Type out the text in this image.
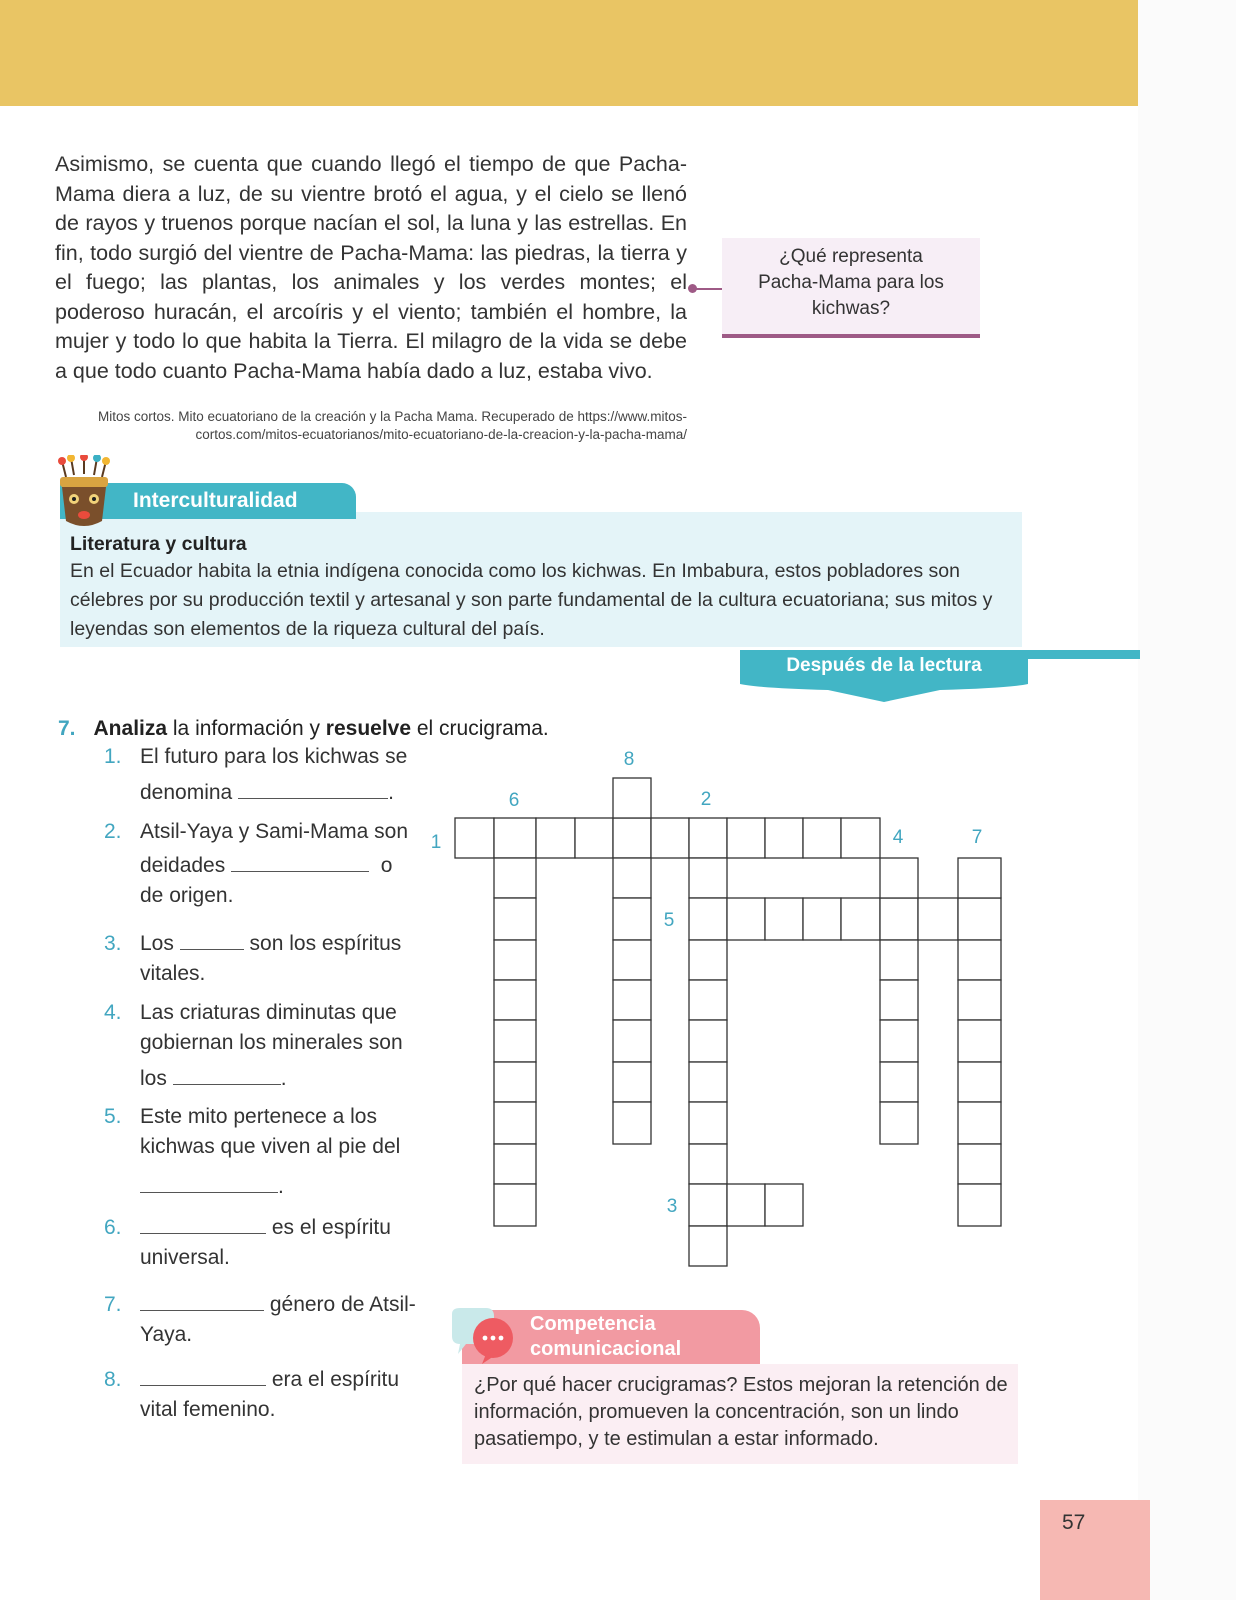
Asimismo, se cuenta que cuando llegó el tiempo de que Pacha-Mama diera a luz, de su vientre brotó el agua, y el cielo se llenó de rayos y truenos porque nacían el sol, la luna y las estrellas. En fin, todo surgió del vientre de Pacha-Mama: las piedras, la tierra y el fuego; las plantas, los animales y los verdes montes; el poderoso huracán, el arcoíris y el viento; también el hombre, la mujer y todo lo que habita la Tierra. El milagro de la vida se debe a que todo cuanto Pacha-Mama había dado a luz, estaba vivo.

Mitos cortos. Mito ecuatoriano de la creación y la Pacha Mama. Recuperado de https://www.mitos-cortos.com/mitos-ecuatorianos/mito-ecuatoriano-de-la-creacion-y-la-pacha-mama/

¿Qué representa Pacha-Mama para los kichwas?
Interculturalidad
Literatura y cultura

En el Ecuador habita la etnia indígena conocida como los kichwas. En Imbabura, estos pobladores son célebres por su producción textil y artesanal y son parte fundamental de la cultura ecuatoriana; sus mitos y leyendas son elementos de la riqueza cultural del país.

Después de la lectura
7. Analiza la información y resuelve el crucigrama.
1. El futuro para los kichwas se
denomina	.
2. Atsil-Yaya y Sami-Mama son
deidades	o
de origen.
3. Los	son los espíritus
vitales.
4. Las criaturas diminutas que
gobiernan los minerales son
los	.
5. Este mito pertenece a los
kichwas que viven al pie del
.
6.	es el espíritu
universal.
7.	género de Atsil-
Yaya.
8.	era el espíritu
vital femenino.
1
2
3
4
5
6
7
8
Competencia
comunicacional

¿Por qué hacer crucigramas? Estos mejoran la retención de información, promueven la concentración, son un lindo pasatiempo, y te estimulan a estar informado.

57
